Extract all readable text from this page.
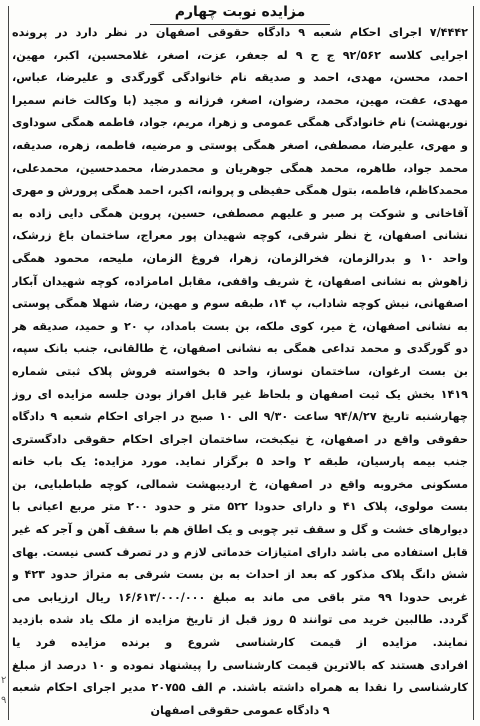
مزایده نوبت چهارم
۷/۴۴۴۲ اجرای احکام شعبه ۹ دادگاه حقوقی اصفهان در نظر دارد در پرونده
اجرایی کلاسه ۹۲/۵۶۲ ج ح ۹ له جعفر، عزت، اصغر، غلامحسین، اکبر، مهین،
احمد، محسن، مهدی، احمد و صدیقه نام خانوادگی گورگدی و علیرضا، عباس،
مهدی، عفت، مهین، محمد، رضوان، اصغر، فرزانه و مجید (با وکالت خانم سمیرا
نوربهشت) نام خانوادگی همگی عمومی و زهرا، مریم، جواد، فاطمه همگی سوداوی
و مهری، علیرضا، مصطفی، اصغر همگی پوستی و مرضیه، فاطمه، زهره، صدیقه،
محمد جواد، طاهره، محمد همگی جوهریان و محمدرضا، محمدحسین، محمدعلی،
محمدکاظم، فاطمه، بتول همگی حفیظی و پروانه، اکبر، احمد همگی پرورش و مهری
آقاخانی و شوکت پر صبر و علیهم مصطفی، حسین، پروین همگی دایی زاده به
نشانی اصفهان، خ نظر شرقی، کوچه شهیدان پور معراج، ساختمان باغ زرشک،
واحد ۱۰ و بدرالزمان، فخرالزمان، زهرا، فروغ الزمان، ملیحه، محمود همگی
زاهوش به نشانی اصفهان، خ شریف واقفی، مقابل امامزاده، کوچه شهیدان آبکار
اصفهانی، نبش کوچه شاداب، پ ۱۴، طبقه سوم و مهین، رضا، شهلا همگی پوستی
به نشانی اصفهان، خ میر، کوی ملکه، بن بست بامداد، پ ۲۰ و حمید، صدیقه هر
دو گورگدی و محمد تداعی همگی به نشانی اصفهان، خ طالقانی، جنب بانک سپه،
بن بست ارغوان، ساختمان نوساز، واحد ۵ بخواسته فروش پلاک ثبتی شماره
۱۴۱۹ بخش یک ثبت اصفهان و بلحاظ غیر قابل افراز بودن جلسه مزایده ای روز
چهارشنبه تاریخ ۹۴/۸/۲۷ ساعت ۹/۳۰ الی ۱۰ صبح در اجرای احکام شعبه ۹ دادگاه
حقوقی واقع در اصفهان، خ نیکبخت، ساختمان اجرای احکام حقوقی دادگستری
جنب بیمه پارسیان، طبقه ۲ واحد ۵ برگزار نماید. مورد مزایده: یک باب خانه
مسکونی مخروبه واقع در اصفهان، خ اردیبهشت شمالی، کوچه طباطبایی، بن
بست مولوی، پلاک ۴۱ و دارای حدودا ۵۲۲ متر و حدود ۲۰۰ متر مربع اعیانی با
دیوارهای خشت و گل و سقف تیر چوبی و یک اطاق هم با سقف آهن و آجر که غیر
قابل استفاده می باشد دارای امتیازات خدماتی لازم و در تصرف کسی نیست. بهای
شش دانگ پلاک مذکور که بعد از احداث به بن بست شرقی به متراژ حدود ۴۲۳ و
غربی حدودا ۹۹ متر باقی می ماند به مبلغ ۱۶/۶۱۳/۰۰۰/۰۰۰ ریال ارزیابی می
گردد. طالبین خرید می توانند ۵ روز قبل از تاریخ مزایده از ملک یاد شده بازدید
نمایند. مزایده از قیمت کارشناسی شروع و برنده مزایده فرد یا
افرادی هستند که بالاترین قیمت کارشناسی را پیشنهاد نموده و ۱۰ درصد از مبلغ
کارشناسی را نقدا به همراه داشته باشند. م الف ۲۰۷۵۵ مدیر اجرای احکام شعبه
۹ دادگاه عمومی حقوقی اصفهان
۲
۹
